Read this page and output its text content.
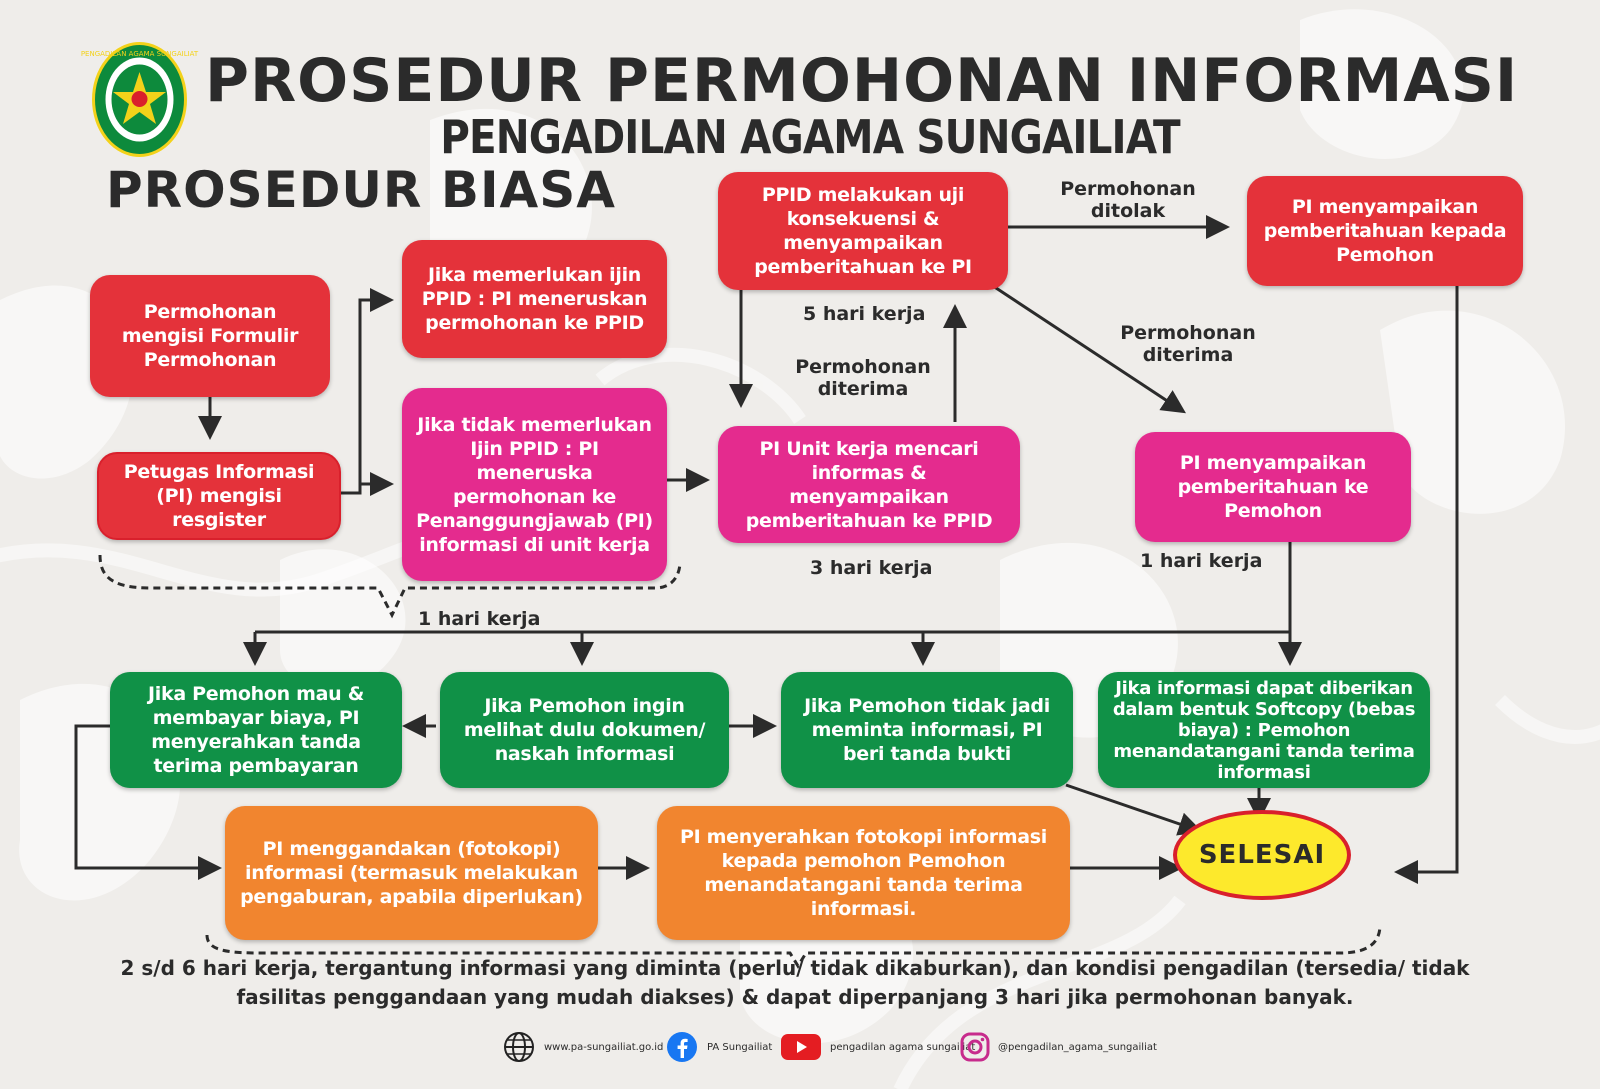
PENGADILAN AGAMA SUNGAILIAT PROSEDUR PERMOHONAN INFORMASI
PENGADILAN AGAMA SUNGAILIAT
PROSEDUR BIASA
Permohonan mengisi Formulir Permohonan
Petugas Informasi (PI) mengisi resgister
Jika memerlukan ijin PPID : PI meneruskan permohonan ke PPID
Jika tidak memerlukan Ijin PPID : PI meneruska permohonan ke Penanggungjawab (PI) informasi di unit kerja
PPID melakukan uji konsekuensi & menyampaikan pemberitahuan ke PI
PI Unit kerja mencari informas & menyampaikan pemberitahuan ke PPID
PI menyampaikan pemberitahuan kepada Pemohon
PI menyampaikan pemberitahuan ke Pemohon
Jika Pemohon mau & membayar biaya, PI menyerahkan tanda terima pembayaran
Jika Pemohon ingin melihat dulu dokumen/ naskah informasi
Jika Pemohon tidak jadi meminta informasi, PI beri tanda bukti
Jika informasi dapat diberikan dalam bentuk Softcopy (bebas biaya) : Pemohon menandatangani tanda terima informasi
PI menggandakan (fotokopi) informasi (termasuk melakukan pengaburan, apabila diperlukan)
PI menyerahkan fotokopi informasi kepada pemohon Pemohon menandatangani tanda terima informasi.
SELESAI
Permohonan ditolak
Permohonan diterima
Permohonan diterima
5 hari kerja
3 hari kerja	1 hari kerja
1 hari kerja
2 s/d 6 hari kerja, tergantung informasi yang diminta (perlu/ tidak dikaburkan), dan kondisi pengadilan (tersedia/ tidak fasilitas penggandaan yang mudah diakses) & dapat diperpanjang 3 hari jika permohonan banyak.
www.pa-sungailiat.go.id	PA Sungailiat	pengadilan agama sungailiat @pengadilan_agama_sungailiat
